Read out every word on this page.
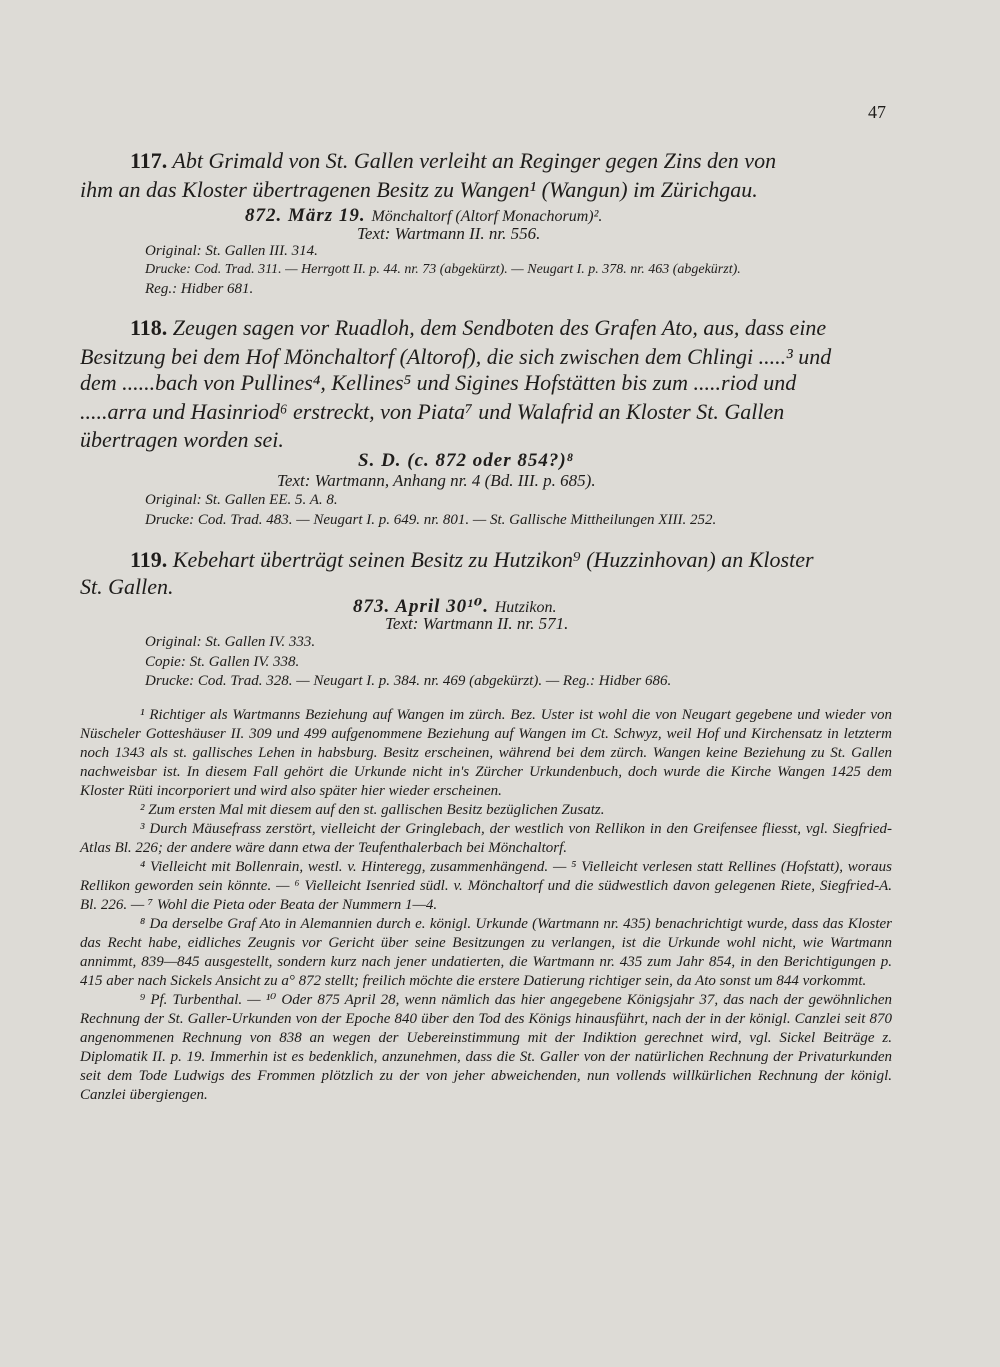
47
117. Abt Grimald von St. Gallen verleiht an Reginger gegen Zins den von
ihm an das Kloster übertragenen Besitz zu Wangen¹ (Wangun) im Zürichgau.
872. März 19. Mönchaltorf (Altorf Monachorum)².
Text: Wartmann II. nr. 556.
Original: St. Gallen III. 314.
Drucke: Cod. Trad. 311. — Herrgott II. p. 44. nr. 73 (abgekürzt). — Neugart I. p. 378. nr. 463 (abgekürzt).
Reg.: Hidber 681.
118. Zeugen sagen vor Ruadloh, dem Sendboten des Grafen Ato, aus, dass eine
Besitzung bei dem Hof Mönchaltorf (Altorof), die sich zwischen dem Chlingi .....³ und
dem ......bach von Pullines⁴, Kellines⁵ und Sigines Hofstätten bis zum .....riod und
.....arra und Hasinriod⁶ erstreckt, von Piata⁷ und Walafrid an Kloster St. Gallen
übertragen worden sei.
S. D. (c. 872 oder 854?)⁸
Text: Wartmann, Anhang nr. 4 (Bd. III. p. 685).
Original: St. Gallen EE. 5. A. 8.
Drucke: Cod. Trad. 483. — Neugart I. p. 649. nr. 801. — St. Gallische Mittheilungen XIII. 252.
119. Kebehart überträgt seinen Besitz zu Hutzikon⁹ (Huzzinhovan) an Kloster
St. Gallen.
873. April 30¹⁰. Hutzikon.
Text: Wartmann II. nr. 571.
Original: St. Gallen IV. 333.
Copie: St. Gallen IV. 338.
Drucke: Cod. Trad. 328. — Neugart I. p. 384. nr. 469 (abgekürzt). — Reg.: Hidber 686.

¹ Richtiger als Wartmanns Beziehung auf Wangen im zürch. Bez. Uster ist wohl die von Neugart gegebene und wieder von Nüscheler Gotteshäuser II. 309 und 499 aufgenommene Beziehung auf Wangen im Ct. Schwyz, weil Hof und Kirchensatz in letzterm noch 1343 als st. gallisches Lehen in habsburg. Besitz erscheinen, während bei dem zürch. Wangen keine Beziehung zu St. Gallen nachweisbar ist. In diesem Fall gehört die Urkunde nicht in's Zürcher Urkundenbuch, doch wurde die Kirche Wangen 1425 dem Kloster Rüti incorporiert und wird also später hier wieder erscheinen.

² Zum ersten Mal mit diesem auf den st. gallischen Besitz bezüglichen Zusatz.

³ Durch Mäusefrass zerstört, vielleicht der Gringlebach, der westlich von Rellikon in den Greifensee fliesst, vgl. Siegfried-Atlas Bl. 226; der andere wäre dann etwa der Teufenthalerbach bei Mönchaltorf.

⁴ Vielleicht mit Bollenrain, westl. v. Hinteregg, zusammenhängend. — ⁵ Vielleicht verlesen statt Rellines (Hofstatt), woraus Rellikon geworden sein könnte. — ⁶ Vielleicht Isenried südl. v. Mönchaltorf und die südwestlich davon gelegenen Riete, Siegfried-A. Bl. 226. — ⁷ Wohl die Pieta oder Beata der Nummern 1—4.

⁸ Da derselbe Graf Ato in Alemannien durch e. königl. Urkunde (Wartmann nr. 435) benachrichtigt wurde, dass das Kloster das Recht habe, eidliches Zeugnis vor Gericht über seine Besitzungen zu verlangen, ist die Urkunde wohl nicht, wie Wartmann annimmt, 839—845 ausgestellt, sondern kurz nach jener undatierten, die Wartmann nr. 435 zum Jahr 854, in den Berichtigungen p. 415 aber nach Sickels Ansicht zu a° 872 stellt; freilich möchte die erstere Datierung richtiger sein, da Ato sonst um 844 vorkommt.

⁹ Pf. Turbenthal. — ¹⁰ Oder 875 April 28, wenn nämlich das hier angegebene Königsjahr 37, das nach der gewöhnlichen Rechnung der St. Galler-Urkunden von der Epoche 840 über den Tod des Königs hinausführt, nach der in der königl. Canzlei seit 870 angenommenen Rechnung von 838 an wegen der Uebereinstimmung mit der Indiktion gerechnet wird, vgl. Sickel Beiträge z. Diplomatik II. p. 19. Immerhin ist es bedenklich, anzunehmen, dass die St. Galler von der natürlichen Rechnung der Privaturkunden seit dem Tode Ludwigs des Frommen plötzlich zu der von jeher abweichenden, nun vollends willkürlichen Rechnung der königl. Canzlei übergiengen.
